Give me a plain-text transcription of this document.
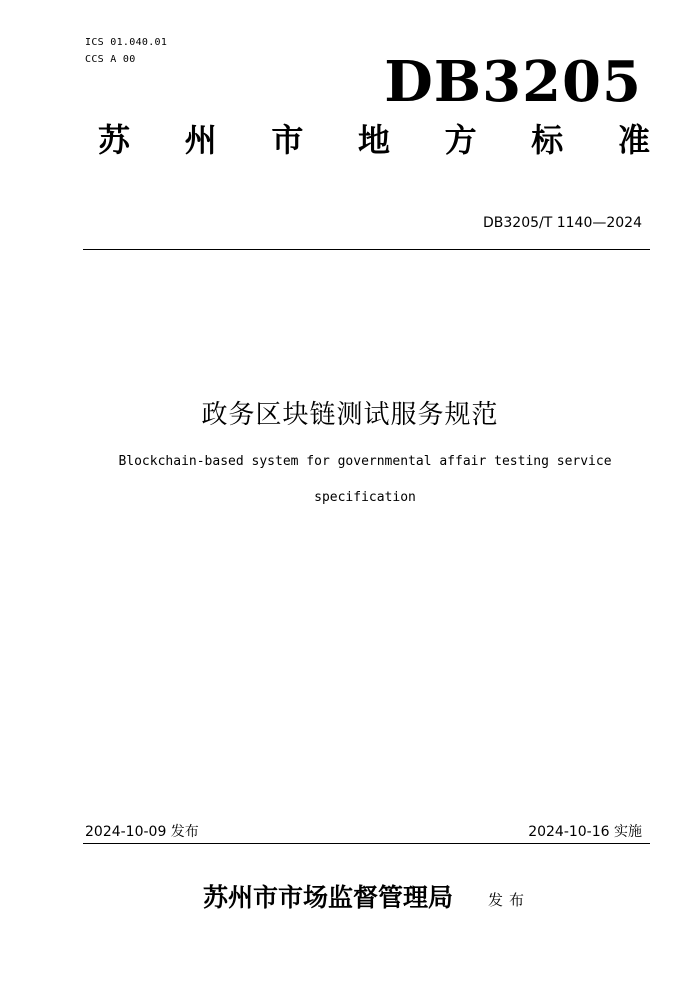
ICS 01.040.01
CCS A 00	DB3205
苏 州 市 地 方 标 准
DB3205/T 1140—2024
政务区块链测试服务规范
Blockchain-based system for governmental affair testing service
specification
2024-10-09 发布	2024-10-16 实施
苏州市市场监督管理局 发布
